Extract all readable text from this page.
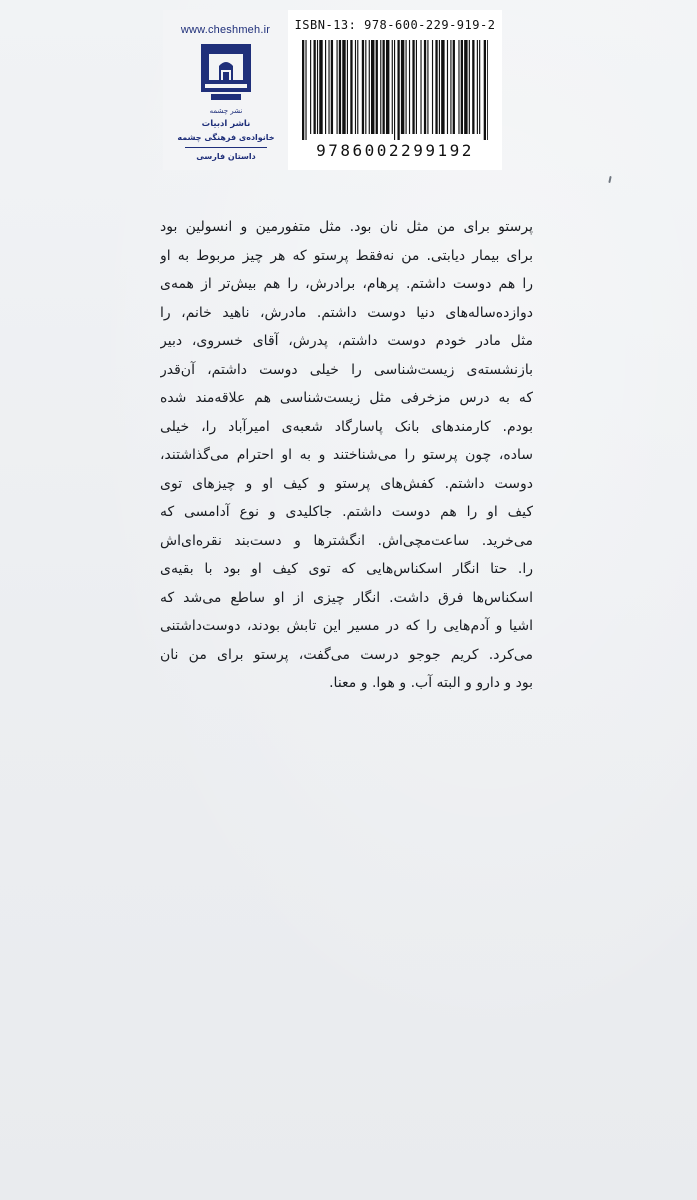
www.cheshmeh.ir
نشر چشمه
ناشر ادبیات
خانواده‌ی فرهنگی چشمه
داستان فارسی
ISBN-13: 978-600-229-919-2
9786002299192
پرستو برای من مثل نان بود. مثل متفورمین و انسولین بود
برای بیمار دیابتی. من نه‌فقط پرستو که هر چیز مربوط به او
را هم دوست داشتم. پرهام، برادرش، را هم بیش‌تر از همه‌ی
دوازده‌ساله‌های دنیا دوست داشتم. مادرش، ناهید خانم، را
مثل مادر خودم دوست داشتم، پدرش، آقای خسروی، دبیر
بازنشسته‌ی زیست‌شناسی را خیلی دوست داشتم، آن‌قدر
که به درس مزخرفی مثل زیست‌شناسی هم علاقه‌مند شده
بودم. کارمندهای بانک پاسارگاد شعبه‌ی امیرآباد را، خیلی
ساده، چون پرستو را می‌شناختند و به او احترام می‌گذاشتند،
دوست داشتم. کفش‌های پرستو و کیف او و چیزهای توی
کیف او را هم دوست داشتم. جاکلیدی و نوع آدامسی که
می‌خرید. ساعت‌مچی‌اش. انگشترها و دست‌بند نقره‌ای‌اش
را. حتا انگار اسکناس‌هایی که توی کیف او بود با بقیه‌ی
اسکناس‌ها فرق داشت. انگار چیزی از او ساطع می‌شد که
اشیا و آدم‌هایی را که در مسیر این تابش بودند، دوست‌داشتنی
می‌کرد. کریم جوجو درست می‌گفت، پرستو برای من نان
بود و دارو و البته آب. و هوا. و معنا.
